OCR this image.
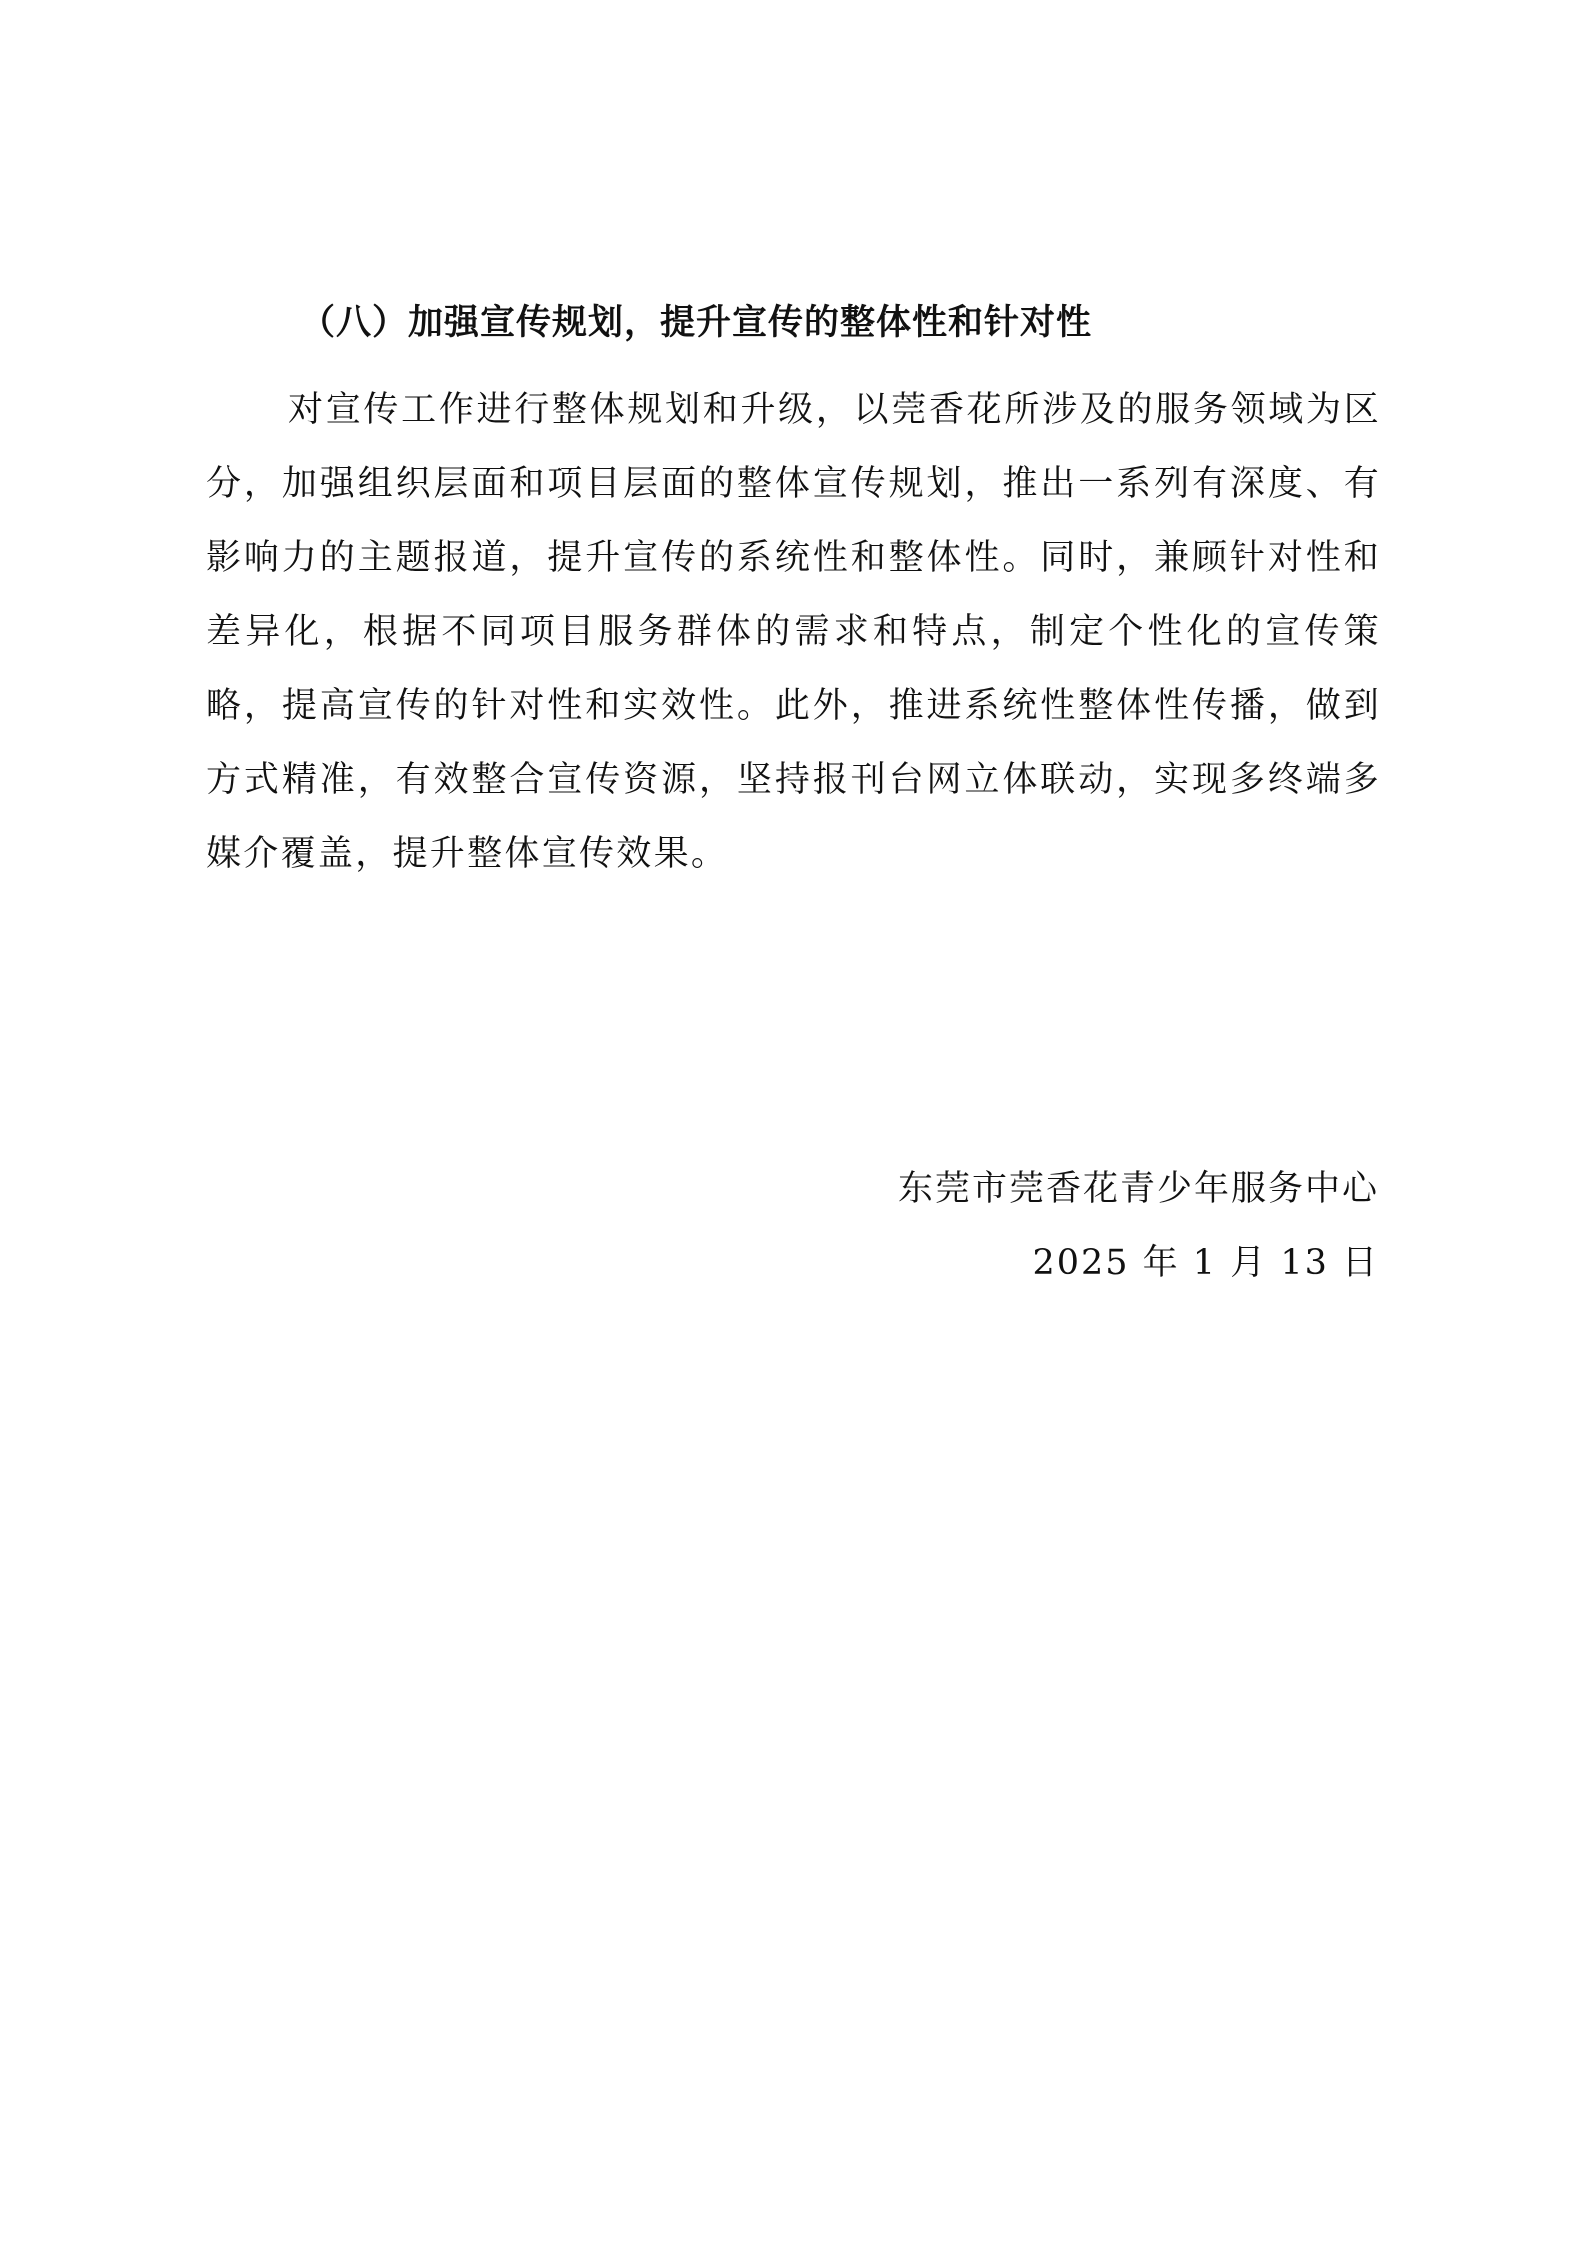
（八）加强宣传规划，提升宣传的整体性和针对性

对宣传工作进行整体规划和升级，以莞香花所涉及的服务领域为区分，加强组织层面和项目层面的整体宣传规划，推出一系列有深度、有影响力的主题报道，提升宣传的系统性和整体性。同时，兼顾针对性和差异化，根据不同项目服务群体的需求和特点，制定个性化的宣传策略，提高宣传的针对性和实效性。此外，推进系统性整体性传播，做到方式精准，有效整合宣传资源，坚持报刊台网立体联动，实现多终端多媒介覆盖，提升整体宣传效果。

东莞市莞香花青少年服务中心
2025 年 1 月 13 日
